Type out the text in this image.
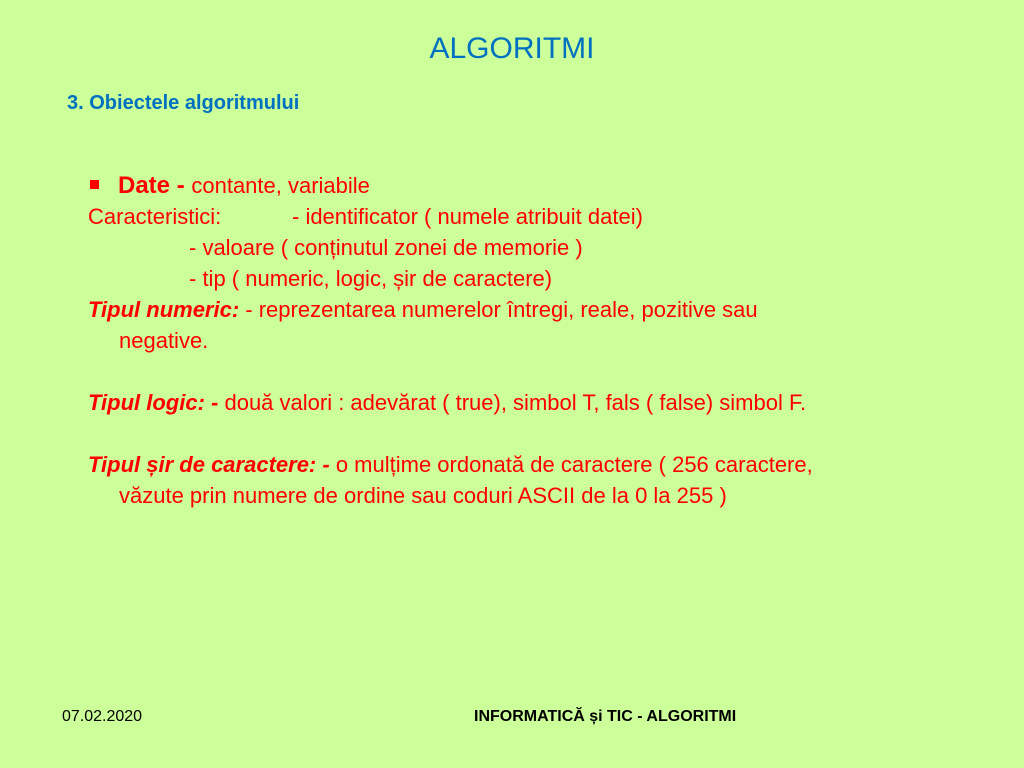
ALGORITMI
3. Obiectele algoritmului
Date - contante, variabile
Caracteristici:	- identificator ( numele atribuit datei)
- valoare ( conținutul zonei de memorie )
- tip ( numeric, logic, șir de caractere)
Tipul numeric: - reprezentarea numerelor întregi, reale, pozitive sau
negative.
Tipul logic: - două valori : adevărat ( true), simbol T, fals ( false) simbol F.
Tipul șir de caractere: - o mulțime ordonată de caractere ( 256 caractere,
văzute prin numere de ordine sau coduri ASCII de la 0 la 255 )
07.02.2020	INFORMATICĂ și TIC - ALGORITMI
